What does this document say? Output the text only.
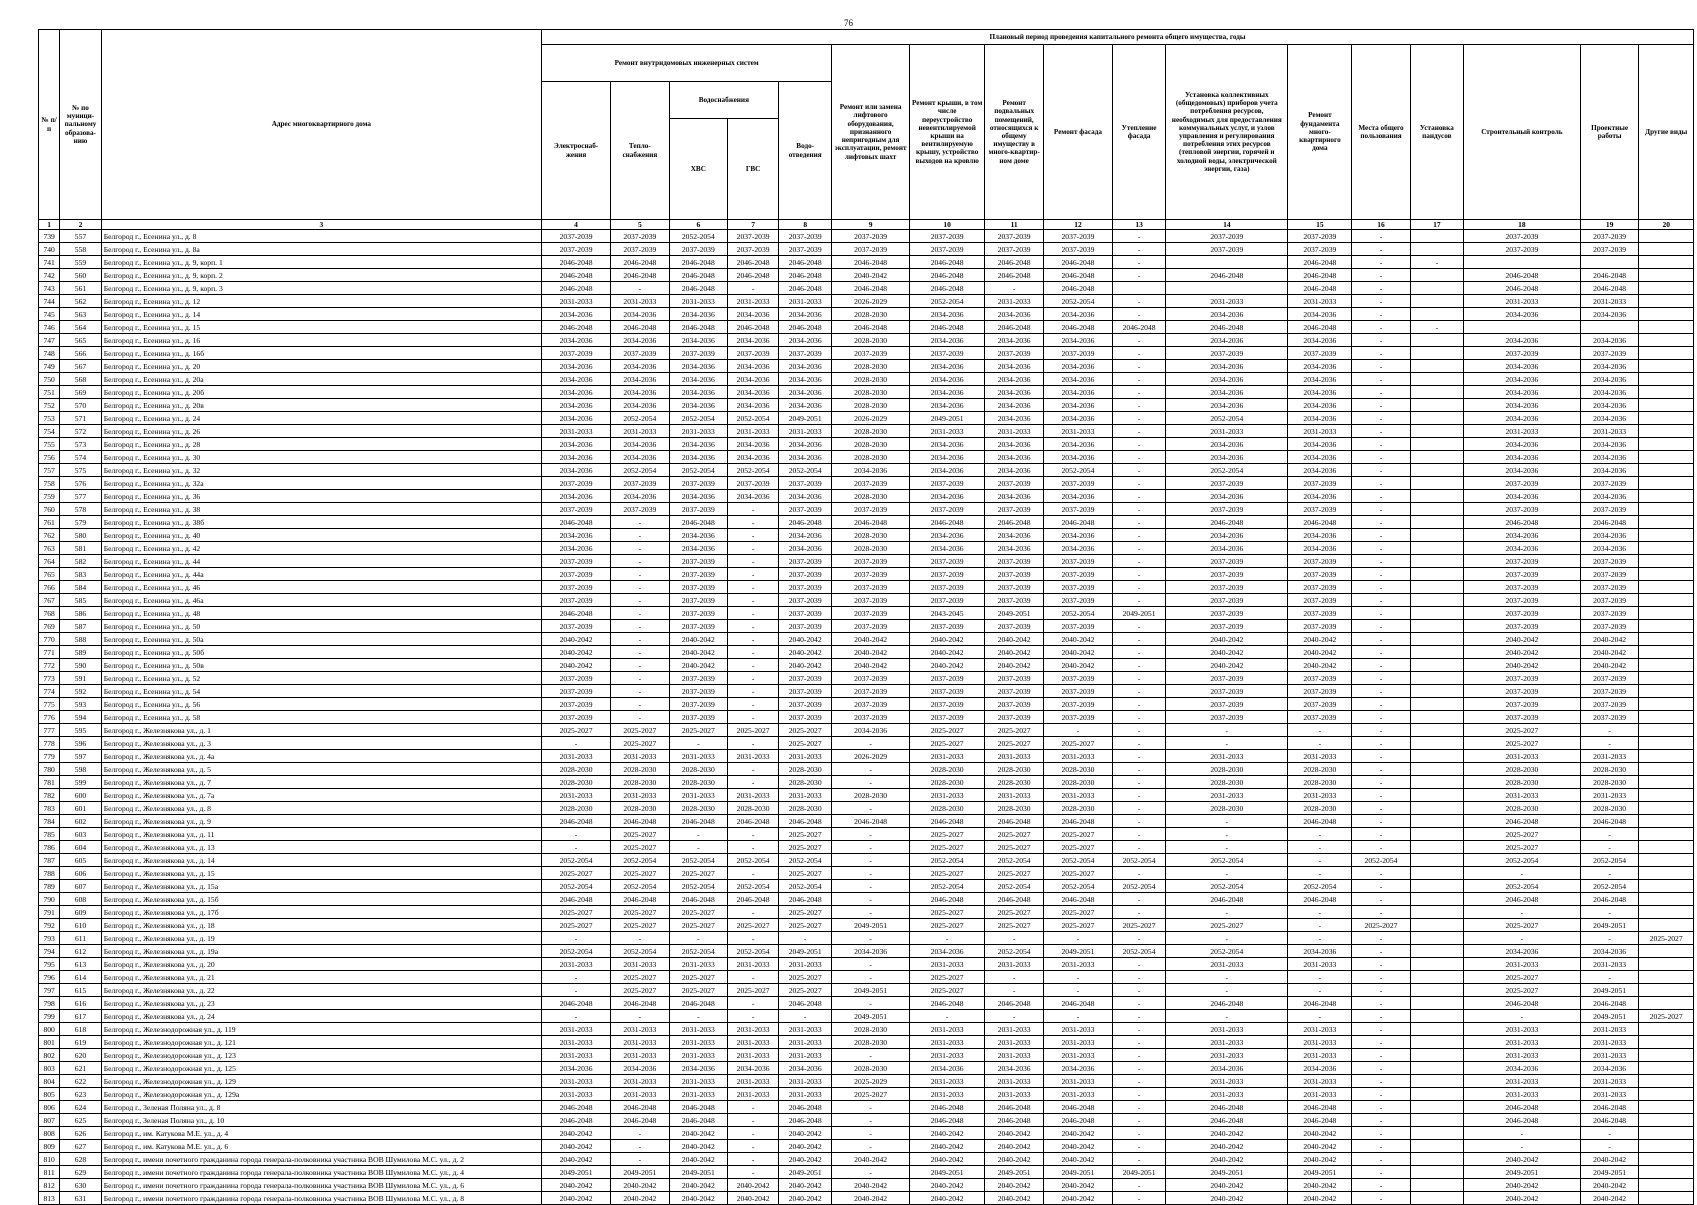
76
№ п/п	№ по муници-пальному образова-нию	Адрес многоквартирного дома	Плановый период проведения капитального ремонта общего имущества, годы																
			Ремонт внутридомовых инженерных систем					Ремонт или замена лифтового оборудования, признанного непригодным для эксплуатации, ремонт лифтовых шахт	Ремонт крыши, в том числе переустройство невентилируемой крыши на вентилируемую крышу, устройство выходов на кровлю	Ремонт подвальных помещений, относящихся к общему имуществу в много-квартир-ном доме	Ремонт фасада	Утепление фасада	Установка коллективных (общедомовых) приборов учета потребления ресурсов, необходимых для предоставления коммунальных услуг, и узлов управления и регулирования потребления этих ресурсов (тепловой энергии, горячей и холодной воды, электрической энергии, газа)	Ремонт фундамента много-квартирного дома	Места общего пользования	Установка пандусов	Строительный контроль	Проектные работы	Другие виды
			Электроснаб-жения	Тепло-снабжения	Водоснабжения		Водо-отведения												
					ХВС	ГВС													
1	2	3	4	5	6	7	8	9	10	11	12	13	14	15	16	17	18	19	20
739	557	Белгород г., Есенина ул., д. 8	2037-2039	2037-2039	2052-2054	2037-2039	2037-2039	2037-2039	2037-2039	2037-2039	2037-2039	-	2037-2039	2037-2039	-		2037-2039	2037-2039	
740	558	Белгород г., Есенина ул., д. 8а	2037-2039	2037-2039	2037-2039	2037-2039	2037-2039	2037-2039	2037-2039	2037-2039	2037-2039	-	2037-2039	2037-2039	-		2037-2039	2037-2039	
741	559	Белгород г., Есенина ул., д. 9, корп. 1	2046-2048	2046-2048	2046-2048	2046-2048	2046-2048	2046-2048	2046-2048	2046-2048	2046-2048	-		2046-2048	-	-			
742	560	Белгород г., Есенина ул., д. 9, корп. 2	2046-2048	2046-2048	2046-2048	2046-2048	2046-2048	2040-2042	2046-2048	2046-2048	2046-2048	-	2046-2048	2046-2048	-		2046-2048	2046-2048	
743	561	Белгород г., Есенина ул., д. 9, корп. 3	2046-2048	-	2046-2048	-	2046-2048	2046-2048	2046-2048	-	2046-2048			2046-2048	-		2046-2048	2046-2048	
744	562	Белгород г., Есенина ул., д. 12	2031-2033	2031-2033	2031-2033	2031-2033	2031-2033	2026-2029	2052-2054	2031-2033	2052-2054	-	2031-2033	2031-2033	-		2031-2033	2031-2033	
745	563	Белгород г., Есенина ул., д. 14	2034-2036	2034-2036	2034-2036	2034-2036	2034-2036	2028-2030	2034-2036	2034-2036	2034-2036	-	2034-2036	2034-2036	-		2034-2036	2034-2036	
746	564	Белгород г., Есенина ул., д. 15	2046-2048	2046-2048	2046-2048	2046-2048	2046-2048	2046-2048	2046-2048	2046-2048	2046-2048	2046-2048	2046-2048	2046-2048	-	-			
747	565	Белгород г., Есенина ул., д. 16	2034-2036	2034-2036	2034-2036	2034-2036	2034-2036	2028-2030	2034-2036	2034-2036	2034-2036	-	2034-2036	2034-2036	-		2034-2036	2034-2036	
748	566	Белгород г., Есенина ул., д. 16б	2037-2039	2037-2039	2037-2039	2037-2039	2037-2039	2037-2039	2037-2039	2037-2039	2037-2039	-	2037-2039	2037-2039	-		2037-2039	2037-2039	
749	567	Белгород г., Есенина ул., д. 20	2034-2036	2034-2036	2034-2036	2034-2036	2034-2036	2028-2030	2034-2036	2034-2036	2034-2036	-	2034-2036	2034-2036	-		2034-2036	2034-2036	
750	568	Белгород г., Есенина ул., д. 20а	2034-2036	2034-2036	2034-2036	2034-2036	2034-2036	2028-2030	2034-2036	2034-2036	2034-2036	-	2034-2036	2034-2036	-		2034-2036	2034-2036	
751	569	Белгород г., Есенина ул., д. 20б	2034-2036	2034-2036	2034-2036	2034-2036	2034-2036	2028-2030	2034-2036	2034-2036	2034-2036	-	2034-2036	2034-2036	-		2034-2036	2034-2036	
752	570	Белгород г., Есенина ул., д. 20в	2034-2036	2034-2036	2034-2036	2034-2036	2034-2036	2028-2030	2034-2036	2034-2036	2034-2036	-	2034-2036	2034-2036	-		2034-2036	2034-2036	
753	571	Белгород г., Есенина ул., д. 24	2034-2036	2052-2054	2052-2054	2052-2054	2049-2051	2026-2029	2049-2051	2034-2036	2034-2036	-	2052-2054	2034-2036	-		2034-2036	2034-2036	
754	572	Белгород г., Есенина ул., д. 26	2031-2033	2031-2033	2031-2033	2031-2033	2031-2033	2028-2030	2031-2033	2031-2033	2031-2033	-	2031-2033	2031-2033	-		2031-2033	2031-2033	
755	573	Белгород г., Есенина ул., д. 28	2034-2036	2034-2036	2034-2036	2034-2036	2034-2036	2028-2030	2034-2036	2034-2036	2034-2036	-	2034-2036	2034-2036	-		2034-2036	2034-2036	
756	574	Белгород г., Есенина ул., д. 30	2034-2036	2034-2036	2034-2036	2034-2036	2034-2036	2028-2030	2034-2036	2034-2036	2034-2036	-	2034-2036	2034-2036	-		2034-2036	2034-2036	
757	575	Белгород г., Есенина ул., д. 32	2034-2036	2052-2054	2052-2054	2052-2054	2052-2054	2034-2036	2034-2036	2034-2036	2052-2054	-	2052-2054	2034-2036	-		2034-2036	2034-2036	
758	576	Белгород г., Есенина ул., д. 32а	2037-2039	2037-2039	2037-2039	2037-2039	2037-2039	2037-2039	2037-2039	2037-2039	2037-2039	-	2037-2039	2037-2039	-		2037-2039	2037-2039	
759	577	Белгород г., Есенина ул., д. 36	2034-2036	2034-2036	2034-2036	2034-2036	2034-2036	2028-2030	2034-2036	2034-2036	2034-2036	-	2034-2036	2034-2036	-		2034-2036	2034-2036	
760	578	Белгород г., Есенина ул., д. 38	2037-2039	2037-2039	2037-2039	-	2037-2039	2037-2039	2037-2039	2037-2039	2037-2039	-	2037-2039	2037-2039	-		2037-2039	2037-2039	
761	579	Белгород г., Есенина ул., д. 38б	2046-2048	-	2046-2048	-	2046-2048	2046-2048	2046-2048	2046-2048	2046-2048	-	2046-2048	2046-2048	-		2046-2048	2046-2048	
762	580	Белгород г., Есенина ул., д. 40	2034-2036	-	2034-2036	-	2034-2036	2028-2030	2034-2036	2034-2036	2034-2036	-	2034-2036	2034-2036	-		2034-2036	2034-2036	
763	581	Белгород г., Есенина ул., д. 42	2034-2036	-	2034-2036	-	2034-2036	2028-2030	2034-2036	2034-2036	2034-2036	-	2034-2036	2034-2036	-		2034-2036	2034-2036	
764	582	Белгород г., Есенина ул., д. 44	2037-2039	-	2037-2039	-	2037-2039	2037-2039	2037-2039	2037-2039	2037-2039	-	2037-2039	2037-2039	-		2037-2039	2037-2039	
765	583	Белгород г., Есенина ул., д. 44а	2037-2039	-	2037-2039	-	2037-2039	2037-2039	2037-2039	2037-2039	2037-2039	-	2037-2039	2037-2039	-		2037-2039	2037-2039	
766	584	Белгород г., Есенина ул., д. 46	2037-2039	-	2037-2039	-	2037-2039	2037-2039	2037-2039	2037-2039	2037-2039	-	2037-2039	2037-2039	-		2037-2039	2037-2039	
767	585	Белгород г., Есенина ул., д. 46а	2037-2039	-	2037-2039	-	2037-2039	2037-2039	2037-2039	2037-2039	2037-2039	-	2037-2039	2037-2039	-		2037-2039	2037-2039	
768	586	Белгород г., Есенина ул., д. 48	2046-2048	-	2037-2039	-	2037-2039	2037-2039	2043-2045	2049-2051	2052-2054	2049-2051	2037-2039	2037-2039	-		2037-2039	2037-2039	
769	587	Белгород г., Есенина ул., д. 50	2037-2039	-	2037-2039	-	2037-2039	2037-2039	2037-2039	2037-2039	2037-2039	-	2037-2039	2037-2039	-		2037-2039	2037-2039	
770	588	Белгород г., Есенина ул., д. 50а	2040-2042	-	2040-2042	-	2040-2042	2040-2042	2040-2042	2040-2042	2040-2042	-	2040-2042	2040-2042	-		2040-2042	2040-2042	
771	589	Белгород г., Есенина ул., д. 50б	2040-2042	-	2040-2042	-	2040-2042	2040-2042	2040-2042	2040-2042	2040-2042	-	2040-2042	2040-2042	-		2040-2042	2040-2042	
772	590	Белгород г., Есенина ул., д. 50в	2040-2042	-	2040-2042	-	2040-2042	2040-2042	2040-2042	2040-2042	2040-2042	-	2040-2042	2040-2042	-		2040-2042	2040-2042	
773	591	Белгород г., Есенина ул., д. 52	2037-2039	-	2037-2039	-	2037-2039	2037-2039	2037-2039	2037-2039	2037-2039	-	2037-2039	2037-2039	-		2037-2039	2037-2039	
774	592	Белгород г., Есенина ул., д. 54	2037-2039	-	2037-2039	-	2037-2039	2037-2039	2037-2039	2037-2039	2037-2039	-	2037-2039	2037-2039	-		2037-2039	2037-2039	
775	593	Белгород г., Есенина ул., д. 56	2037-2039	-	2037-2039	-	2037-2039	2037-2039	2037-2039	2037-2039	2037-2039	-	2037-2039	2037-2039	-		2037-2039	2037-2039	
776	594	Белгород г., Есенина ул., д. 58	2037-2039	-	2037-2039	-	2037-2039	2037-2039	2037-2039	2037-2039	2037-2039	-	2037-2039	2037-2039	-		2037-2039	2037-2039	
777	595	Белгород г., Железнякова ул., д. 1	2025-2027	2025-2027	2025-2027	2025-2027	2025-2027	2034-2036	2025-2027	2025-2027	-	-	-	-	-		2025-2027	-	
778	596	Белгород г., Железнякова ул., д. 3	-	2025-2027	-	-	2025-2027	-	2025-2027	2025-2027	2025-2027	-	-	-	-		2025-2027	-	
779	597	Белгород г., Железнякова ул., д. 4а	2031-2033	2031-2033	2031-2033	2031-2033	2031-2033	2026-2029	2031-2033	2031-2033	2031-2033	-	2031-2033	2031-2033	-		2031-2033	2031-2033	
780	598	Белгород г., Железнякова ул., д. 5	2028-2030	2028-2030	2028-2030	-	2028-2030	-	2028-2030	2028-2030	2028-2030	-	2028-2030	2028-2030	-		2028-2030	2028-2030	
781	599	Белгород г., Железнякова ул., д. 7	2028-2030	2028-2030	2028-2030	-	2028-2030	-	2028-2030	2028-2030	2028-2030	-	2028-2030	2028-2030	-		2028-2030	2028-2030	
782	600	Белгород г., Железнякова ул., д. 7а	2031-2033	2031-2033	2031-2033	2031-2033	2031-2033	2028-2030	2031-2033	2031-2033	2031-2033	-	2031-2033	2031-2033	-		2031-2033	2031-2033	
783	601	Белгород г., Железнякова ул., д. 8	2028-2030	2028-2030	2028-2030	2028-2030	2028-2030	-	2028-2030	2028-2030	2028-2030	-	2028-2030	2028-2030	-		2028-2030	2028-2030	
784	602	Белгород г., Железнякова ул., д. 9	2046-2048	2046-2048	2046-2048	2046-2048	2046-2048	2046-2048	2046-2048	2046-2048	2046-2048	-	-	2046-2048	-		2046-2048	2046-2048	
785	603	Белгород г., Железнякова ул., д. 11	-	2025-2027	-	-	2025-2027	-	2025-2027	2025-2027	2025-2027	-	-	-	-		2025-2027	-	
786	604	Белгород г., Железнякова ул., д. 13	-	2025-2027	-	-	2025-2027	-	2025-2027	2025-2027	2025-2027	-	-	-	-		2025-2027	-	
787	605	Белгород г., Железнякова ул., д. 14	2052-2054	2052-2054	2052-2054	2052-2054	2052-2054	-	2052-2054	2052-2054	2052-2054	2052-2054	2052-2054	-	2052-2054		2052-2054	2052-2054	
788	606	Белгород г., Железнякова ул., д. 15	2025-2027	2025-2027	2025-2027	-	2025-2027	-	2025-2027	2025-2027	2025-2027	-	-	-	-		-	-	
789	607	Белгород г., Железнякова ул., д. 15а	2052-2054	2052-2054	2052-2054	2052-2054	2052-2054	-	2052-2054	2052-2054	2052-2054	2052-2054	2052-2054	2052-2054	-		2052-2054	2052-2054	
790	608	Белгород г., Железнякова ул., д. 15б	2046-2048	2046-2048	2046-2048	2046-2048	2046-2048	-	2046-2048	2046-2048	2046-2048	-	2046-2048	2046-2048	-		2046-2048	2046-2048	
791	609	Белгород г., Железнякова ул., д. 17б	2025-2027	2025-2027	2025-2027	-	2025-2027	-	2025-2027	2025-2027	2025-2027	-	-	-	-		-	-	
792	610	Белгород г., Железнякова ул., д. 18	2025-2027	2025-2027	2025-2027	2025-2027	2025-2027	2049-2051	2025-2027	2025-2027	2025-2027	2025-2027	2025-2027	-	2025-2027		2025-2027	2049-2051	
793	611	Белгород г., Железнякова ул., д. 19	-	-	-	-	-	-	-	-	-	-	-	-	-		-	-	2025-2027
794	612	Белгород г., Железнякова ул., д. 19а	2052-2054	2052-2054	2052-2054	2052-2054	2049-2051	2034-2036	2034-2036	2052-2054	2049-2051	2052-2054	2052-2054	2034-2036	-		2034-2036	2034-2036	
795	613	Белгород г., Железнякова ул., д. 20	2031-2033	2031-2033	2031-2033	2031-2033	2031-2033	-	2031-2033	2031-2033	2031-2033	-	2031-2033	2031-2033	-		2031-2033	2031-2033	
796	614	Белгород г., Железнякова ул., д. 21	-	2025-2027	2025-2027	-	2025-2027	-	2025-2027	-	-	-	-	-	-		2025-2027	-	
797	615	Белгород г., Железнякова ул., д. 22	-	2025-2027	2025-2027	2025-2027	2025-2027	2049-2051	2025-2027	-	-	-	-	-	-		2025-2027	2049-2051	
798	616	Белгород г., Железнякова ул., д. 23	2046-2048	2046-2048	2046-2048	-	2046-2048	-	2046-2048	2046-2048	2046-2048	-	2046-2048	2046-2048	-		2046-2048	2046-2048	
799	617	Белгород г., Железнякова ул., д. 24	-	-	-	-	-	2049-2051	-	-	-	-	-	-	-		-	2049-2051	2025-2027
800	618	Белгород г., Железнодорожная ул., д. 119	2031-2033	2031-2033	2031-2033	2031-2033	2031-2033	2028-2030	2031-2033	2031-2033	2031-2033	-	2031-2033	2031-2033	-		2031-2033	2031-2033	
801	619	Белгород г., Железнодорожная ул., д. 121	2031-2033	2031-2033	2031-2033	2031-2033	2031-2033	2028-2030	2031-2033	2031-2033	2031-2033	-	2031-2033	2031-2033	-		2031-2033	2031-2033	
802	620	Белгород г., Железнодорожная ул., д. 123	2031-2033	2031-2033	2031-2033	2031-2033	2031-2033	-	2031-2033	2031-2033	2031-2033	-	2031-2033	2031-2033	-		2031-2033	2031-2033	
803	621	Белгород г., Железнодорожная ул., д. 125	2034-2036	2034-2036	2034-2036	2034-2036	2034-2036	2028-2030	2034-2036	2034-2036	2034-2036	-	2034-2036	2034-2036	-		2034-2036	2034-2036	
804	622	Белгород г., Железнодорожная ул., д. 129	2031-2033	2031-2033	2031-2033	2031-2033	2031-2033	2025-2029	2031-2033	2031-2033	2031-2033	-	2031-2033	2031-2033	-		2031-2033	2031-2033	
805	623	Белгород г., Железнодорожная ул., д. 129а	2031-2033	2031-2033	2031-2033	2031-2033	2031-2033	2025-2027	2031-2033	2031-2033	2031-2033	-	2031-2033	2031-2033	-		2031-2033	2031-2033	
806	624	Белгород г., Зеленая Поляна ул., д. 8	2046-2048	2046-2048	2046-2048	-	2046-2048	-	2046-2048	2046-2048	2046-2048	-	2046-2048	2046-2048	-		2046-2048	2046-2048	
807	625	Белгород г., Зеленая Поляна ул., д. 10	2046-2048	2046-2048	2046-2048	-	2046-2048	-	2046-2048	2046-2048	2046-2048	-	2046-2048	2046-2048	-		2046-2048	2046-2048	
808	626	Белгород г., им. Катукова М.Е. ул., д. 4	2040-2042	-	2040-2042	-	2040-2042	-	2040-2042	2040-2042	2040-2042	-	2040-2042	2040-2042	-		-	-	
809	627	Белгород г., им. Катукова М.Е. ул., д. 6	2040-2042	-	2040-2042	-	2040-2042	-	2040-2042	2040-2042	2040-2042	-	2040-2042	2040-2042	-		-	-	
810	628	Белгород г., имени почетного гражданина города генерала-полковника участника ВОВ Шумилова М.С. ул., д. 2	2040-2042	-	2040-2042	-	2040-2042	2040-2042	2040-2042	2040-2042	2040-2042	-	2040-2042	2040-2042	-		2040-2042	2040-2042	
811	629	Белгород г., имени почетного гражданина города генерала-полковника участника ВОВ Шумилова М.С. ул., д. 4	2049-2051	2049-2051	2049-2051	-	2049-2051	-	2049-2051	2049-2051	2049-2051	2049-2051	2049-2051	2049-2051	-		2049-2051	2049-2051	
812	630	Белгород г., имени почетного гражданина города генерала-полковника участника ВОВ Шумилова М.С. ул., д. 6	2040-2042	2040-2042	2040-2042	2040-2042	2040-2042	2040-2042	2040-2042	2040-2042	2040-2042	-	2040-2042	2040-2042	-		2040-2042	2040-2042	
813	631	Белгород г., имени почетного гражданина города генерала-полковника участника ВОВ Шумилова М.С. ул., д. 8	2040-2042	2040-2042	2040-2042	2040-2042	2040-2042	2040-2042	2040-2042	2040-2042	2040-2042	-	2040-2042	2040-2042	-		2040-2042	2040-2042	
